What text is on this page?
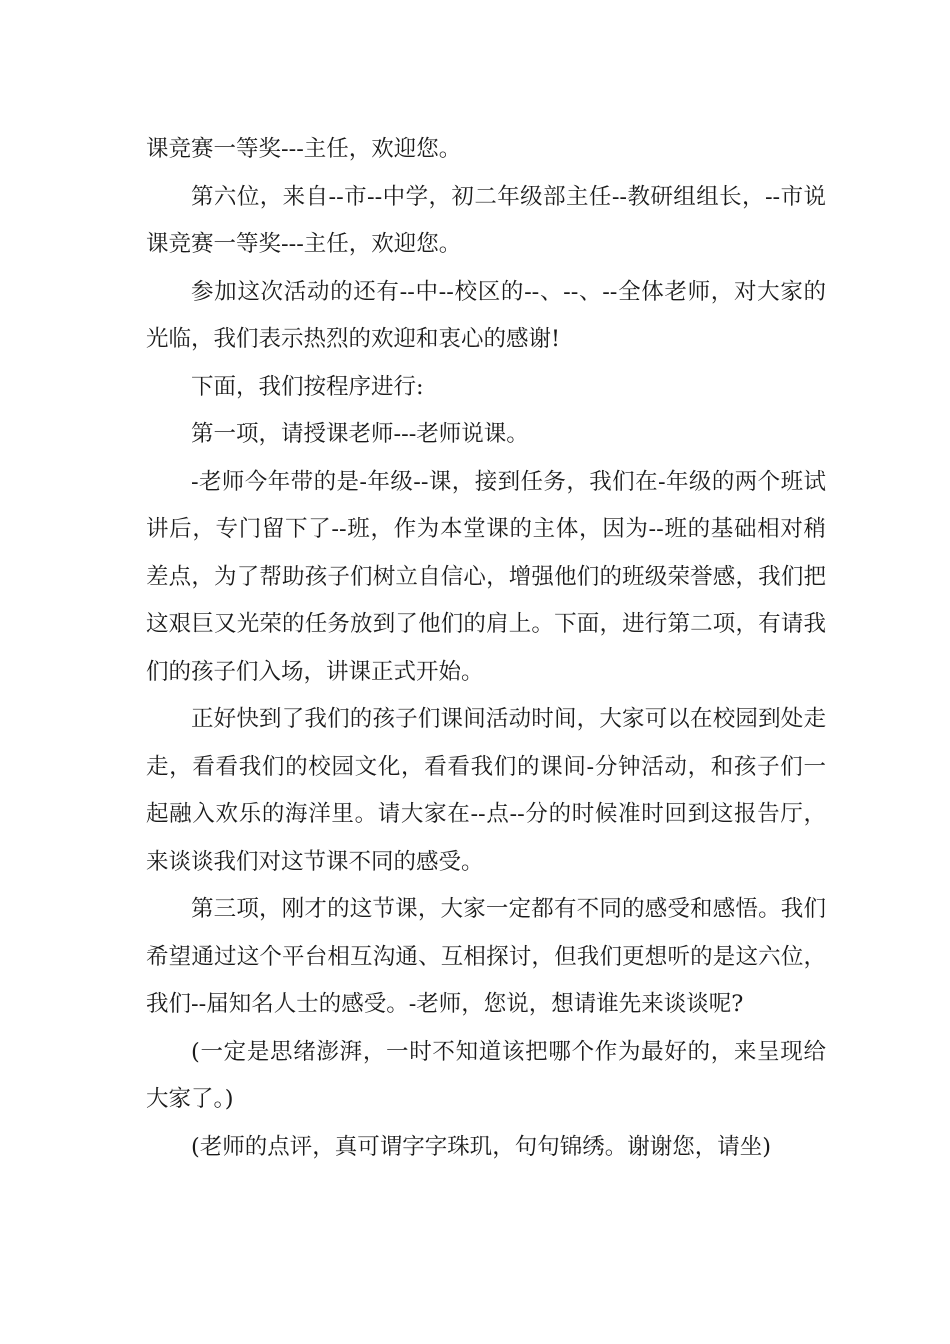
课竞赛一等奖---主任，欢迎您。

第六位，来自--市--中学，初二年级部主任--教研组组长，--市说课竞赛一等奖---主任，欢迎您。

参加这次活动的还有--中--校区的--、--、--全体老师，对大家的光临，我们表示热烈的欢迎和衷心的感谢!

下面，我们按程序进行:

第一项，请授课老师---老师说课。

-老师今年带的是-年级--课，接到任务，我们在-年级的两个班试讲后，专门留下了--班，作为本堂课的主体，因为--班的基础相对稍差点，为了帮助孩子们树立自信心，增强他们的班级荣誉感，我们把这艰巨又光荣的任务放到了他们的肩上。下面，进行第二项，有请我们的孩子们入场，讲课正式开始。

正好快到了我们的孩子们课间活动时间，大家可以在校园到处走走，看看我们的校园文化，看看我们的课间-分钟活动，和孩子们一起融入欢乐的海洋里。请大家在--点--分的时候准时回到这报告厅，来谈谈我们对这节课不同的感受。

第三项，刚才的这节课，大家一定都有不同的感受和感悟。我们希望通过这个平台相互沟通、互相探讨，但我们更想听的是这六位，我们--届知名人士的感受。-老师，您说，想请谁先来谈谈呢?

(一定是思绪澎湃，一时不知道该把哪个作为最好的，来呈现给大家了。)

(老师的点评，真可谓字字珠玑，句句锦绣。谢谢您，请坐)
